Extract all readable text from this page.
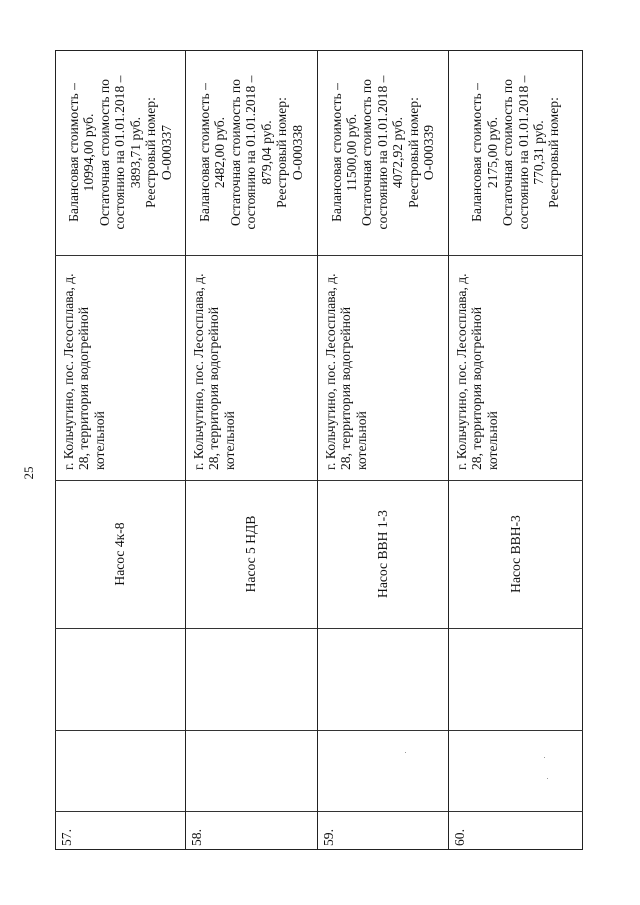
25
Балансовая стоимость –
10994,00 руб.
Остаточная стоимость по
состоянию на 01.01.2018 –
3893,71 руб.
Реестровый номер:
О-000337
г. Кольчугино, пос. Лесосплава, д.
28, территория водогрейной
котельной
Насос 4к-8
57.
Балансовая стоимость –
2482,00 руб.
Остаточная стоимость по
состоянию на 01.01.2018 –
879,04 руб.
Реестровый номер:
О-000338
г. Кольчугино, пос. Лесосплава, д.
28, территория водогрейной
котельной
Насос 5 НДВ
58.
Балансовая стоимость –
11500,00 руб.
Остаточная стоимость по
состоянию на 01.01.2018 –
4072,92 руб.
Реестровый номер:
О-000339
г. Кольчугино, пос. Лесосплава, д.
28, территория водогрейной
котельной
Насос ВВН 1-3
59.
Балансовая стоимость –
2175,00 руб.
Остаточная стоимость по
состоянию на 01.01.2018 –
770,31 руб.
Реестровый номер:
г. Кольчугино, пос. Лесосплава, д.
28, территория водогрейной
котельной
Насос ВВН-3
60.
